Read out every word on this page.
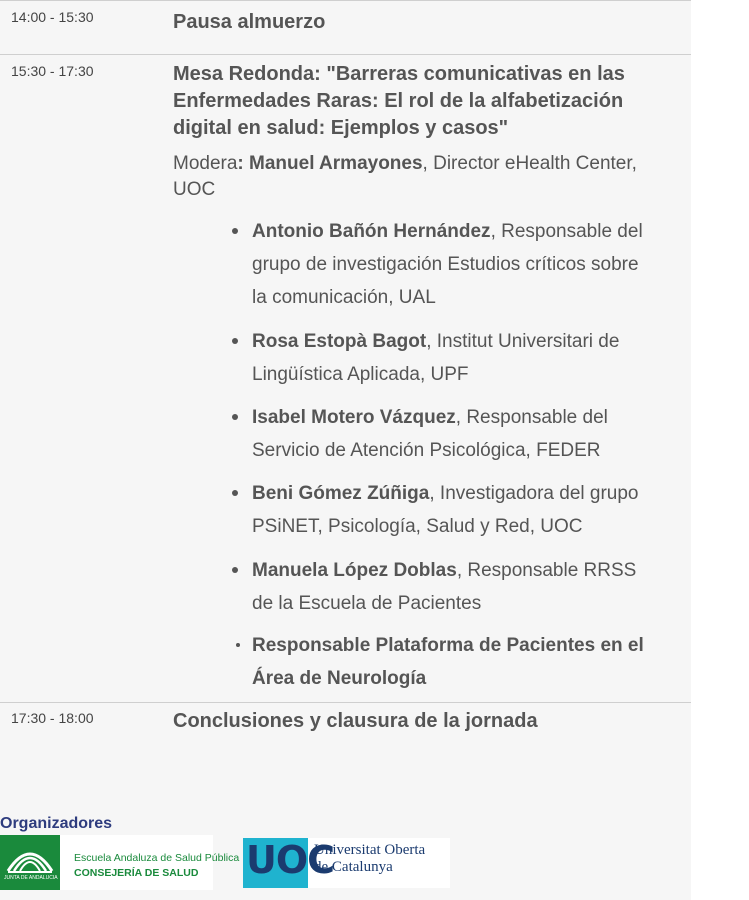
14:00 - 15:30	Pausa almuerzo
15:30 - 17:30	Mesa Redonda: "Barreras comunicativas en las
Enfermedades Raras: El rol de la alfabetización
digital en salud: Ejemplos y casos"
Modera: Manuel Armayones, Director eHealth Center,
UOC
Antonio Bañón Hernández, Responsable del
grupo de investigación Estudios críticos sobre
la comunicación, UAL
Rosa Estopà Bagot, Institut Universitari de
Lingüística Aplicada, UPF
Isabel Motero Vázquez, Responsable del
Servicio de Atención Psicológica, FEDER
Beni Gómez Zúñiga, Investigadora del grupo
PSiNET, Psicología, Salud y Red, UOC
Manuela López Doblas, Responsable RRSS
de la Escuela de Pacientes
Responsable Plataforma de Pacientes en el
Área de Neurología
17:30 - 18:00	Conclusiones y clausura de la jornada
Organizadores
JUNTA DE ANDALUCIA
Escuela Andaluza de Salud Pública
CONSEJERÍA DE SALUD UOC
Universitat Oberta
de Catalunya
